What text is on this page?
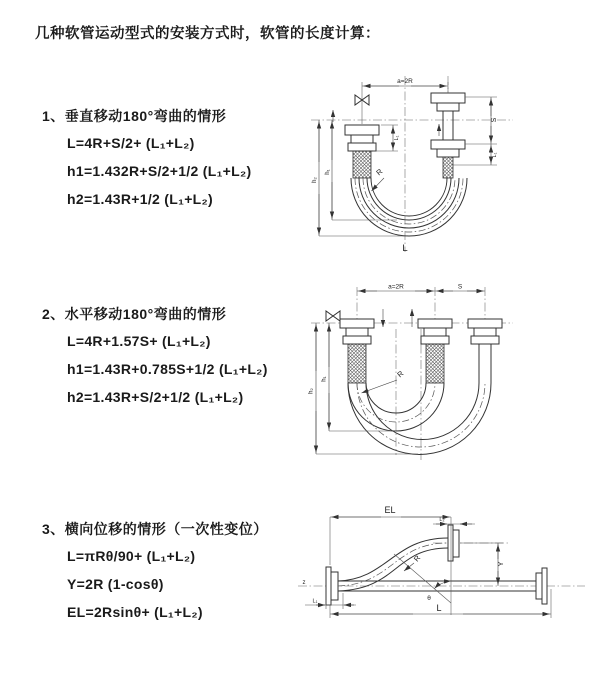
几种软管运动型式的安装方式时，软管的长度计算：
1、垂直移动180°弯曲的情形
L=4R+S/2+ (L₁+L₂)
h1=1.432R+S/2+1/2 (L₁+L₂)
h2=1.43R+1/2 (L₁+L₂)
a=2R
h₂
h₁
S
L₁
L₁
R
L
2、水平移动180°弯曲的情形
L=4R+1.57S+ (L₁+L₂)
h1=1.43R+0.785S+1/2 (L₁+L₂)
h2=1.43R+S/2+1/2 (L₁+L₂)
a=2R	S
h₂
h₁	R
3、横向位移的情形（一次性变位）
L=πRθ/90+ (L₁+L₂)
Y=2R (1-cosθ)
EL=2Rsinθ+ (L₁+L₂)
EL
L₂
θ
R
Y
L
L₁
z
